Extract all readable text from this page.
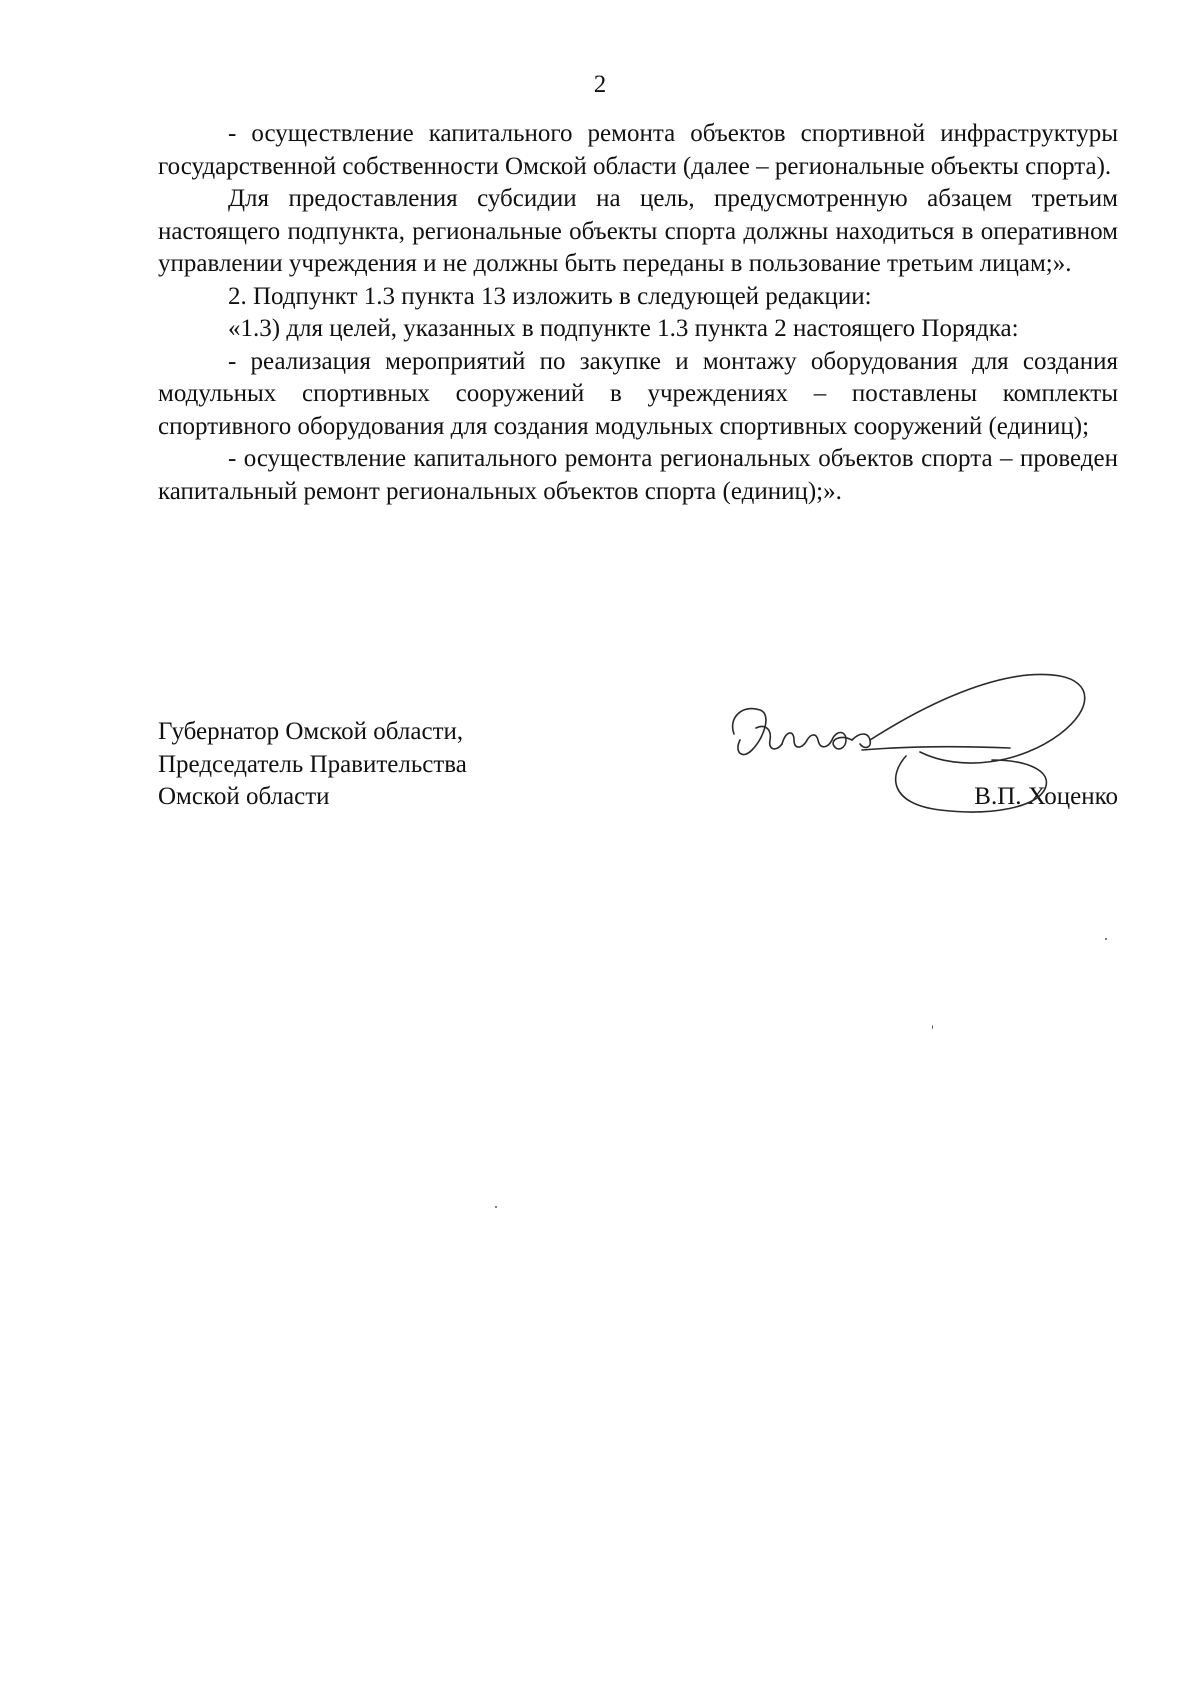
2

- осуществление капитального ремонта объектов спортивной инфраструктуры государственной собственности Омской области (далее – региональные объекты спорта).

Для предоставления субсидии на цель, предусмотренную абзацем третьим настоящего подпункта, региональные объекты спорта должны находиться в оперативном управлении учреждения и не должны быть переданы в пользование третьим лицам;».

2. Подпункт 1.3 пункта 13 изложить в следующей редакции:

«1.3) для целей, указанных в подпункте 1.3 пункта 2 настоящего Порядка:

- реализация мероприятий по закупке и монтажу оборудования для создания модульных спортивных сооружений в учреждениях – поставлены комплекты спортивного оборудования для создания модульных спортивных сооружений (единиц);

- осуществление капитального ремонта региональных объектов спорта – проведен капитальный ремонт региональных объектов спорта (единиц);».

Губернатор Омской области,
Председатель Правительства
Омской области	В.П. Хоценко
